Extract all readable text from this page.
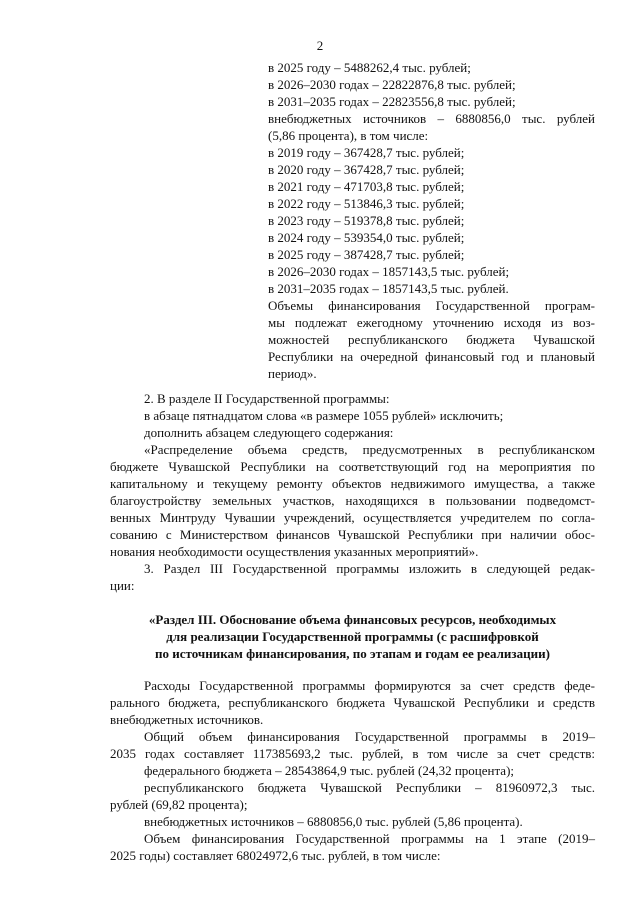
2
в 2025 году – 5488262,4 тыс. рублей;
в 2026–2030 годах – 22822876,8 тыс. рублей;
в 2031–2035 годах – 22823556,8 тыс. рублей;
внебюджетных источников – 6880856,0 тыс. рублей
(5,86 процента), в том числе:
в 2019 году – 367428,7 тыс. рублей;
в 2020 году – 367428,7 тыс. рублей;
в 2021 году – 471703,8 тыс. рублей;
в 2022 году – 513846,3 тыс. рублей;
в 2023 году – 519378,8 тыс. рублей;
в 2024 году – 539354,0 тыс. рублей;
в 2025 году – 387428,7 тыс. рублей;
в 2026–2030 годах – 1857143,5 тыс. рублей;
в 2031–2035 годах – 1857143,5 тыс. рублей.
Объемы финансирования Государственной програм-
мы подлежат ежегодному уточнению исходя из воз-
можностей республиканского бюджета Чувашской
Республики на очередной финансовый год и плановый
период».
2. В разделе II Государственной программы:
в абзаце пятнадцатом слова «в размере 1055 рублей» исключить;
дополнить абзацем следующего содержания:
«Распределение объема средств, предусмотренных в республиканском
бюджете Чувашской Республики на соответствующий год на мероприятия по
капитальному и текущему ремонту объектов недвижимого имущества, а также
благоустройству земельных участков, находящихся в пользовании подведомст-
венных Минтруду Чувашии учреждений, осуществляется учредителем по согла-
сованию с Министерством финансов Чувашской Республики при наличии обос-
нования необходимости осуществления указанных мероприятий».
3. Раздел III Государственной программы изложить в следующей редак-
ции:
«Раздел III. Обоснование объема финансовых ресурсов, необходимых
для реализации Государственной программы (с расшифровкой
по источникам финансирования, по этапам и годам ее реализации)
Расходы Государственной программы формируются за счет средств феде-
рального бюджета, республиканского бюджета Чувашской Республики и средств
внебюджетных источников.
Общий объем финансирования Государственной программы в 2019–
2035 годах составляет 117385693,2 тыс. рублей, в том числе за счет средств:
федерального бюджета – 28543864,9 тыс. рублей (24,32 процента);
республиканского бюджета Чувашской Республики – 81960972,3 тыс.
рублей (69,82 процента);
внебюджетных источников – 6880856,0 тыс. рублей (5,86 процента).
Объем финансирования Государственной программы на 1 этапе (2019–
2025 годы) составляет 68024972,6 тыс. рублей, в том числе:
